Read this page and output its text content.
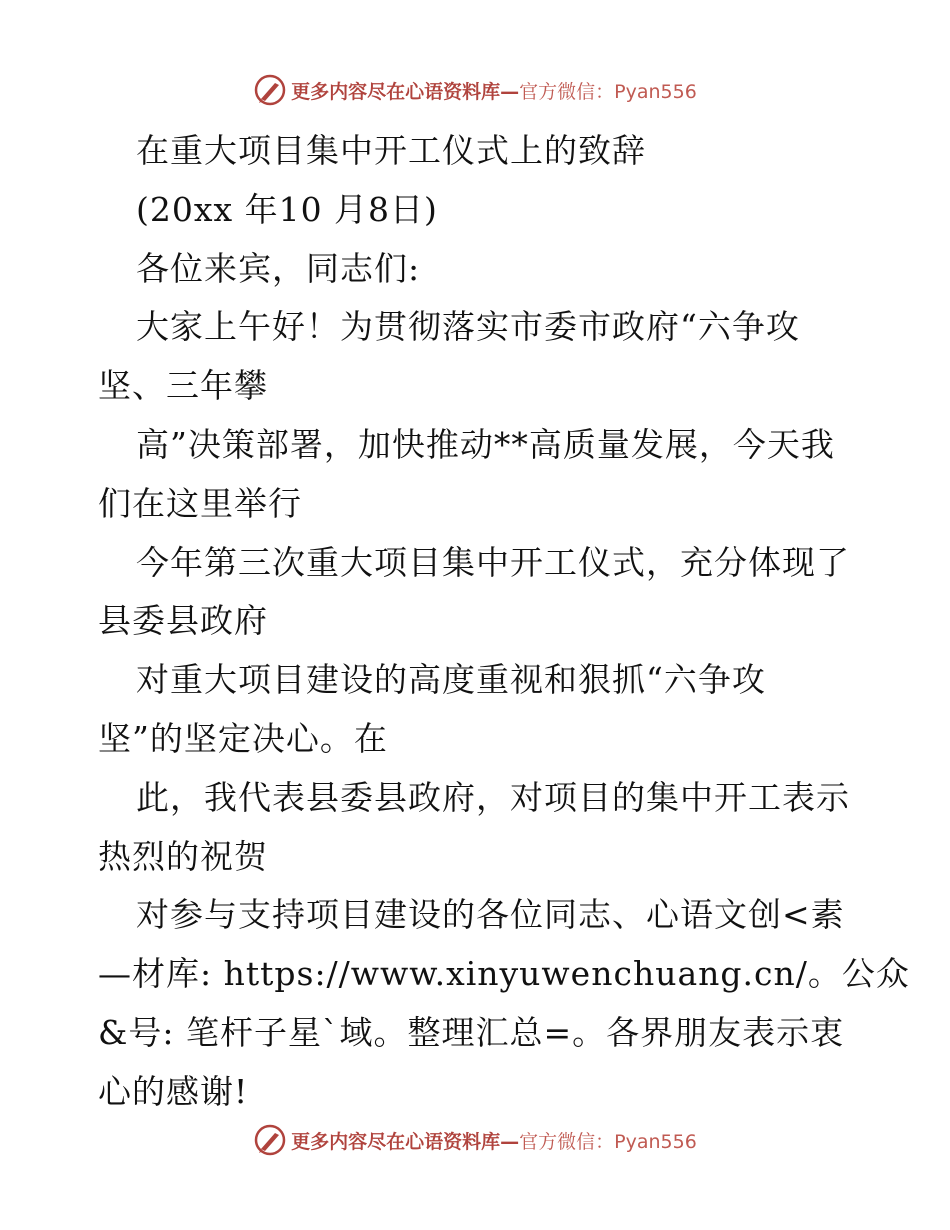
更多内容尽在心语资料库—官方微信：Pyan556
在重大项目集中开工仪式上的致辞
(20xx 年10 月8日)
各位来宾，同志们:
大家上午好！为贯彻落实市委市政府“六争攻
坚、三年攀
高”决策部署，加快推动**高质量发展，今天我
们在这里举行
今年第三次重大项目集中开工仪式，充分体现了
县委县政府
对重大项目建设的高度重视和狠抓“六争攻
坚”的坚定决心。在
此，我代表县委县政府，对项目的集中开工表示
热烈的祝贺
对参与支持项目建设的各位同志、心语文创<素
—材库: https://www.xinyuwenchuang.cn/。公众
&号: 笔杆子星`域。整理汇总=。各界朋友表示衷
心的感谢!
更多内容尽在心语资料库—官方微信：Pyan556
